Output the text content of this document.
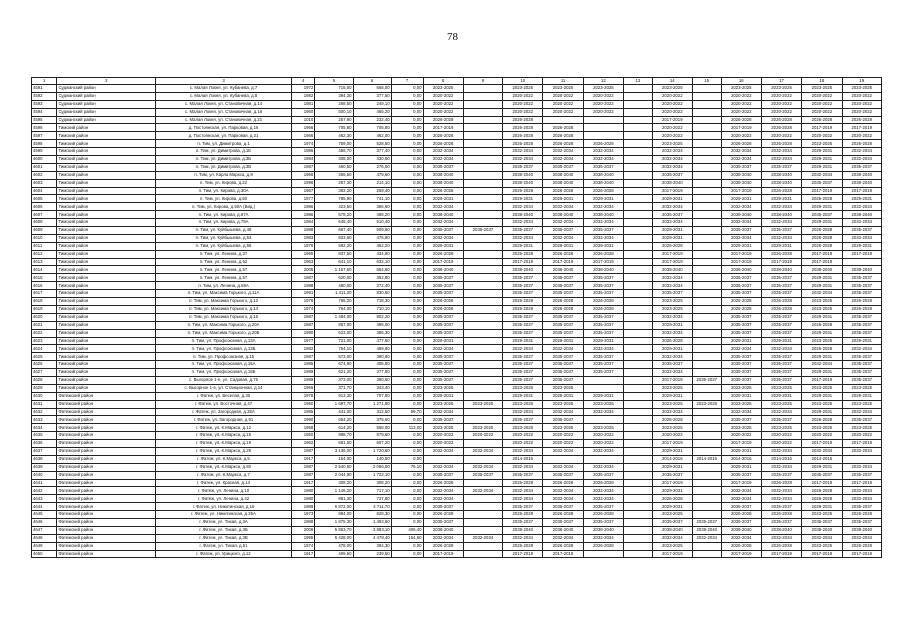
78
1	2	3	4	5	6	7	8	9	10	11	12	13	14	15	16	17	18	19
4591	Суджанский район	с. Малая Локня, ул. Кубанева, д.7	1972	715,00	665,00	0,00	2023-2025		2023-2025	2023-2025	2023-2025		2023-2025		2023-2025	2023-2025	2023-2025	2023-2025
4592	Суджанский район	с. Малая Локня, ул. Кубанева, д.8	1982	394,30	377,50	0,00	2020-2022		2020-2022	2020-2022	2020-2022		2020-2022		2020-2022	2020-2022	2020-2022	2020-2022
4593	Суджанский район	с. Малая Локня, ул. Становичная, д.14	1981	268,50	249,10	0,00	2020-2022		2020-2022	2020-2022	2020-2022		2020-2022		2020-2022	2020-2022	2020-2022	2020-2022
4594	Суджанский район	с. Малая Локня, ул. Становичная, д.16	1960	500,10	465,20	0,00	2020-2022		2020-2022	2020-2022	2020-2022		2020-2022		2020-2022	2020-2022	2020-2022	2020-2022
4595	Суджанский район	с. Малая Локня, ул. Становичная, д.21	1010	257,90	232,40	0,00	2026-2028		2026-2028				2017-2019		2026-2028	2026-2028	2026-2028	2026-2028
4596	Тимский район	д. Постоянская, ул. Парковая, д.16	1966	705,80	705,80	0,00	2017-2019		2026-2028	2026-2028			2020-2022		2017-2019	2026-2028	2017-2019	2017-2019
4597	Тимский район	д. Постоянская, ул. Парковая, д.21	1966	462,30	462,00	0,00	2026-2028		2026-2028	2026-2028			2020-2022		2020-2022	2020-2022	2020-2022	2020-2022
4598	Тимский район	п. Тим, ул. Димитрова, д.1	1974	759,00	528,50	0,00	2026-2028		2026-2028	2026-2028	2026-2028		2023-2025		2026-2028	2026-2028	2023-2025	2026-2028
4599	Тимский район	п. Тим, ул. Димитрова, д.1Е	1986	456,70	377,40	0,00	2032-2034		2032-2034	2032-2034	2032-2034		2032-2034		2032-2034	2032-2034	2029-2031	2032-2034
4600	Тимский район	п. Тим, ул. Димитрова, д.3Б	1984	308,00	430,80	0,00	2032-2034		2032-2034	2032-2034	2032-2034		2032-2034		2032-2034	2032-2034	2029-2031	2032-2034
4601	Тимский район	п. Тим, ул. Димитрова, д.3В	1987	460,50	276,00	0,00	2035-2037		2035-2037	2035-2037	2035-2037		2032-2034		2035-2037	2035-2037	2029-2031	2035-2037
4602	Тимский район	п. Тим, ул. Карла Маркса, д.9	1966	355,50	479,60	0,00	2038-2040		2038-2040	2038-2040	2038-2040		2035-2037		2038-2040	2038-2040	2032-2034	2038-2040
4603	Тимский район	п. Тим, ул. Кирова, д.22	1996	257,30	214,10	0,00	2038-2040		2038-2040	2038-2040	2038-2040		2038-2040		2038-2040	2038-2040	2035-2037	2038-2040
4604	Тимский район	п. Тим, ул. Кирова, д.30А	1967	392,20	259,40	0,00	2026-2028		2026-2028	2026-2028	2026-2028		2017-2019		2017-2019	2026-2028	2017-2019	2017-2019
4605	Тимский район	п. Тим, ул. Кирова, д.50	1977	785,90	741,10	0,00	2029-2031		2029-2031	2029-2031	2029-2031		2029-2031		2029-2031	2029-2031	2026-2028	2029-2031
4606	Тимский район	п. Тим, ул. Кирова, д.50А (Вид.)	1986	423,50	366,60	0,00	2032-2034		2032-2034	2032-2034	2032-2034		2032-2034		2032-2034	2032-2034	2029-2031	2032-2034
4607	Тимский район	п. Тим, ул. Кирова, д.67А	1986	578,20	498,20	0,00	2038-2040		2038-2040	2038-2040	2038-2040		2035-2037		2038-2040	2038-2040	2035-2037	2038-2040
4608	Тимский район	п. Тим, ул. Кирова, д.79А	1984	648,40	510,40	0,00	2032-2034		2032-2034	2032-2034	2032-2034		2032-2034		2032-2034	2032-2034	2029-2031	2032-2034
4609	Тимский район	п. Тим, ул. Куйбышева, д.48	1988	667,40	509,60	0,00	2035-2037	2035-2037	2035-2037	2035-2037	2035-2037		2029-2031		2035-2037	2035-2037	2026-2028	2035-2037
4610	Тимский район	п. Тим, ул. Куйбышева, д.53	1983	833,60	476,80	0,00	2032-2034		2032-2034	2032-2034	2032-2034		2029-2031		2032-2034	2032-2034	2026-2028	2032-2034
4611	Тимский район	п. Тим, ул. Куйбышева, д.56	1976	592,20	462,20	0,00	2029-2031		2029-2031	2029-2031	2029-2031		2026-2028		2029-2031	2029-2031	2026-2028	2029-2031
4612	Тимский район	п. Тим, ул. Ленина, д.37	1965	837,50	434,80	0,00	2026-2028		2026-2028	2026-2028	2026-2028		2017-2019		2017-2019	2026-2028	2017-2019	2017-2019
4613	Тимский район	п. Тим, ул. Ленина, д.52	1963	641,10	632,10	0,00	2017-2019		2017-2019	2017-2019	2017-2019		2017-2019		2017-2019	2017-2019	2017-2019	
4614	Тимский район	п. Тим, ул. Ленина, д.57	2005	1 157,60	654,60	0,00	2038-2040		2038-2040	2038-2040	2038-2040		2038-2040		2038-2040	2038-2040	2038-2040	2038-2040
4615	Тимский район	п. Тим, ул. Ленина, д.57	1987	620,00	352,80	0,00	2035-2037		2035-2037	2035-2037	2035-2037		2032-2034		2035-2037	2035-2037	2029-2031	2035-2037
4616	Тимский район	п. Тим, ул. Ленина, д.69А	1988	480,00	372,40	0,00	2035-2037		2035-2037	2035-2037	2035-2037		2032-2034		2035-2037	2035-2037	2029-2031	2035-2037
4617	Тимский район	п. Тим, ул. Максима Горького, д.11А	1991	1 411,20	830,60	0,00	2035-2037		2035-2037	2035-2037	2035-2037		2035-2037		2035-2037	2035-2037	2032-2034	2035-2037
4618	Тимский район	п. Тим, ул. Максима Горького, д.12	1976	765,20	718,30	0,00	2026-2028		2026-2028	2026-2028	2026-2028		2023-2025		2026-2028	2026-2028	2023-2025	2026-2028
4619	Тимский район	п. Тим, ул. Максима Горького, д.14	1974	764,00	710,10	0,00	2026-2028		2026-2028	2026-2028	2026-2028		2023-2025		2026-2028	2026-2028	2023-2025	2026-2028
4620	Тимский район	п. Тим, ул. Максима Горького, д.16	1987	1 484,00	902,20	0,00	2035-2037		2035-2037	2035-2037	2035-2037		2032-2034		2035-2037	2035-2037	2029-2031	2035-2037
4621	Тимский район	п. Тим, ул. Максима Горького, д.20А	1987	857,00	495,00	0,00	2035-2037		2035-2037	2035-2037	2035-2037		2029-2031		2035-2037	2035-2037	2026-2028	2035-2037
4622	Тимский район	п. Тим, ул. Максима Горького, д.20Б	1990	623,00	386,30	0,00	2035-2037		2035-2037	2035-2037	2035-2037		2032-2034		2035-2037	2035-2037	2029-2031	2035-2037
4623	Тимский район	п. Тим, ул. Профсоюзная, д.13А	1977	721,00	477,60	0,00	2029-2031		2029-2031	2029-2031	2029-2031		2026-2028		2029-2031	2029-2031	2023-2025	2029-2031
4624	Тимский район	п. Тим, ул. Профсоюзная, д.13Б	1982	754,10	499,80	0,00	2032-2034		2032-2034	2032-2034	2032-2034		2029-2031		2032-2034	2032-2034	2026-2028	2032-2034
4625	Тимский район	п. Тим, ул. Профсоюзная, д.15	1987	573,00	390,80	0,00	2035-2037		2035-2037	2035-2037	2035-2037		2032-2034		2035-2037	2035-2037	2029-2031	2035-2037
4626	Тимский район	п. Тим, ул. Профсоюзная, д.15А	1985	674,90	405,80	0,00	2035-2037		2035-2037	2035-2037	2035-2037		2035-2037		2035-2037	2035-2037	2032-2034	2035-2037
4627	Тимский район	п. Тим, ул. Профсоюзная, д.15Б	1989	621,20	377,80	0,00	2035-2037		2035-2037	2035-2037	2035-2037		2032-2034		2035-2037	2035-2037	2029-2031	2035-2037
4628	Тимский район	с. Выгорное 1-е, ул. Садовая, д.75	1989	373,00	390,60	0,00	2035-2037		2035-2037	2035-2037			2017-2019	2035-2037	2035-2037	2035-2037	2017-2019	2035-2037
4629	Тимский район	с. Выгорное 1-е, ул. Станционная, д.14	1966	371,70	343,40	0,00	2023-2025		2023-2025	2023-2025			2023-2025		2023-2025	2023-2025	2023-2025	2023-2025
4630	Фатежский район	г. Фатеж, ул. Веселая, д.30	1978	913,30	707,80	0,00	2029-2031		2029-2031	2029-2031	2029-2031		2029-2031		2029-2031	2029-2031	2029-2031	2029-2031
4631	Фатежский район	г. Фатеж, ул. Восточная, д.47	1960	1 697,70	1 271,90	0,00	2023-2025	2023-2025	2023-2025	2023-2025	2023-2025		2023-2025	2023-2025	2023-2025	2023-2025	2023-2025	2023-2025
4632	Фатежский район	г. Фатеж, ул. Загородная, д.35А	1985	441,00	312,50	59,70	2032-2034		2032-2034	2032-2034	2032-2034		2032-2034		2032-2034	2032-2034	2029-2031	2032-2034
4633	Фатежский район	г. Фатеж, ул. Загородная, д.91	1990	654,20	375,60	0,00	2035-2037		2035-2037	2035-2037			2026-2028		2035-2037	2035-2037	2026-2028	2035-2037
4634	Фатежский район	г. Фатеж, ул. К.Маркса, д.12	1958	614,20	558,00	113,00	2023-2025	2023-2025	2023-2025	2023-2025	2023-2025		2023-2025		2023-2025	2023-2025	2023-2025	2023-2025
4635	Фатежский район	г. Фатеж, ул. К.Маркса, д.15	1950	988,70	879,60	0,00	2020-2022	2020-2022	2020-2022	2020-2022	2020-2022		2020-2022		2020-2022	2020-2022	2020-2022	2020-2022
4636	Фатежский район	г. Фатеж, ул. К.Маркса, д.19	1962	661,50	607,20	0,00	2020-2022		2020-2022	2020-2022	2020-2022		2017-2019		2017-2019	2020-2022	2017-2019	2017-2019
4637	Фатежский район	г. Фатеж, ул. К.Маркса, д.29	1987	3 136,00	1 720,60	0,00	2032-2034	2032-2034	2032-2034	2032-2034	2032-2034		2029-2031		2029-2031	2032-2034	2032-2034	2032-2034
4638	Фатежский район	г. Фатеж, ул. К.Маркса, д.5	1917	154,00	140,50	0,00			2014-2016				2014-2016	2014-2016	2014-2016	2014-2016	2014-2016	
4639	Фатежский район	г. Фатеж, ул. К.Маркса, д.60	1987	2 540,60	2 066,00	76,10	2032-2034	2032-2034	2032-2034	2032-2034	2032-2034		2029-2031		2029-2031	2032-2034	2029-2031	2032-2034
4640	Фатежский район	г. Фатеж, ул. К.Маркса, д.7	1987	2 044,90	1 722,10	0,00	2035-2037	2035-2037	2035-2037	2035-2037	2035-2037		2035-2037		2035-2037	2035-2037	2035-2037	2035-2037
4641	Фатежский район	г. Фатеж, ул. Красная, д.14	1917	308,20	308,20	0,00	2026-2028		2026-2028	2026-2028	2026-2028		2017-2019		2017-2019	2026-2028	2017-2019	2017-2019
4642	Фатежский район	г. Фатеж, ул. Ленина, д.10	1980	1 146,20	717,10	0,00	2032-2034	2032-2034	2032-2034	2032-2034	2032-2034		2029-2031		2032-2034	2032-2034	2026-2028	2032-2034
4643	Фатежский район	г. Фатеж, ул. Ленина, д.42	1980	981,30	727,80	0,00	2032-2034		2032-2034	2032-2034	2032-2034		2026-2028		2032-2034	2032-2034	2026-2028	2032-2034
4644	Фатежский район	г. Фатеж, ул. Никитинская, д.16	1989	6 872,00	4 711,70	0,00	2035-2037		2035-2037	2035-2037	2035-2037		2029-2031		2035-2037	2035-2037	2029-2031	2035-2037
4645	Фатежский район	г. Фатеж, ул. Никитинская, д.35А	1973	884,00	828,30	0,00	2026-2028		2026-2028	2026-2028	2026-2028		2023-2025		2026-2028	2026-2028	2023-2025	2026-2028
4646	Фатежский район	г. Фатеж, ул. Тихая, д.3А	1988	1 875,30	1 492,60	0,00	2035-2037		2035-2037	2035-2037	2035-2037		2035-2037	2035-2037	2035-2037	2035-2037	2035-2037	2035-2037
4647	Фатежский район	г. Фатеж, ул. Тихая, д.3Б	2006	5 863,70	3 883,10	406,40	2038-2040		2038-2040	2038-2040	2038-2040		2038-2040	2038-2040	2038-2040	2038-2040	2038-2040	2038-2040
4648	Фатежский район	г. Фатеж, ул. Тихая, д.3В	1995	5 428,00	4 478,40	154,60	2032-2034	2032-2034	2032-2034	2032-2034	2032-2034		2032-2034	2032-2034	2032-2034	2032-2034	2032-2034	2032-2034
4649	Фатежский район	г. Фатеж, ул. Тихая, д.51	1974	478,00	394,30	0,00	2026-2028		2026-2028	2026-2028	2026-2028		2023-2025		2026-2028	2026-2028	2023-2025	2026-2028
4650	Фатежский район	г. Фатеж, ул. Урицкого, д.12	1917	406,50	239,50	0,00	2017-2019		2017-2019	2017-2019			2017-2019		2017-2019	2017-2019	2017-2019	2017-2019
